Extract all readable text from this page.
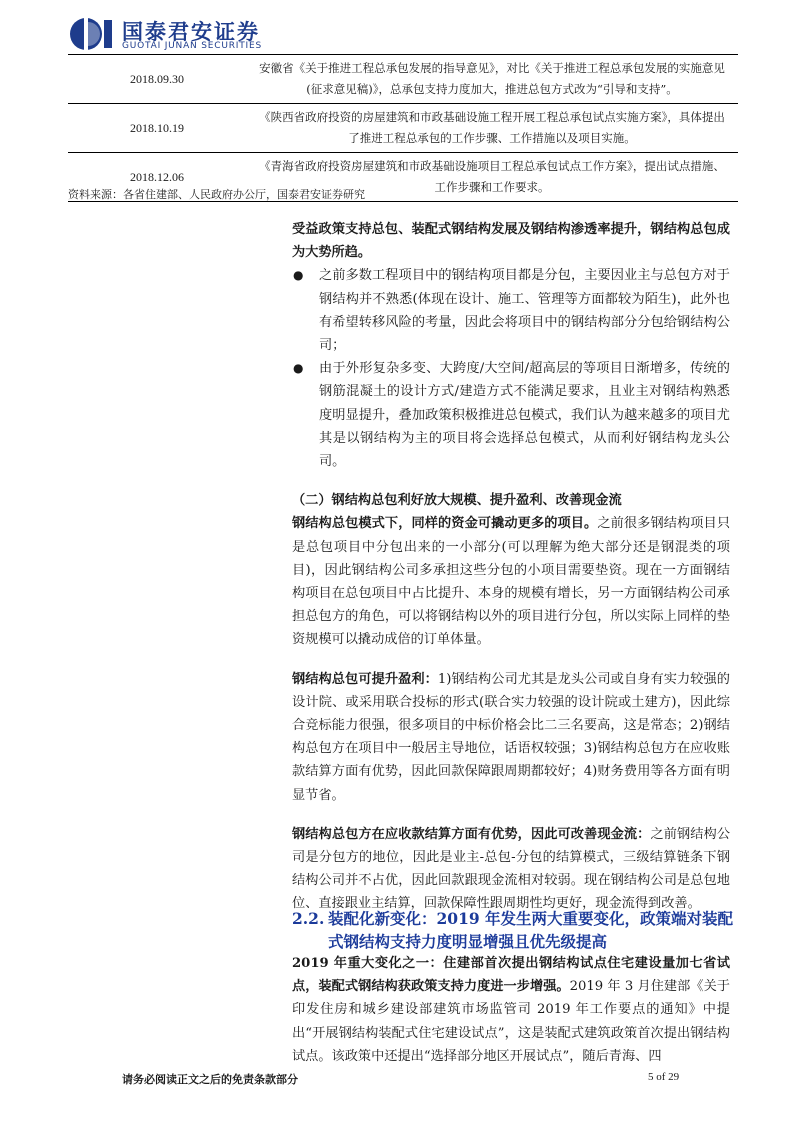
国泰君安证券
GUOTAI JUNAN SECURITIES
2018.09.30	安徽省《关于推进工程总承包发展的指导意见》，对比《关于推进工程总承包发展的实施意见
(征求意见稿)》，总承包支持力度加大，推进总包方式改为“引导和支持”。

2018.10.19	《陕西省政府投资的房屋建筑和市政基础设施工程开展工程总承包试点实施方案》，具体提出
了推进工程总承包的工作步骤、工作措施以及项目实施。

2018.12.06	《青海省政府投资房屋建筑和市政基础设施项目工程总承包试点工作方案》，提出试点措施、
工作步骤和工作要求。
资料来源：各省住建部、人民政府办公厅，国泰君安证券研究

受益政策支持总包、装配式钢结构发展及钢结构渗透率提升，钢结构总包成为大势所趋。

● 之前多数工程项目中的钢结构项目都是分包，主要因业主与总包方对于钢结构并不熟悉(体现在设计、施工、管理等方面都较为陌生)，此外也有希望转移风险的考量，因此会将项目中的钢结构部分分包给钢结构公司；

● 由于外形复杂多变、大跨度/大空间/超高层的等项目日渐增多，传统的钢筋混凝土的设计方式/建造方式不能满足要求，且业主对钢结构熟悉度明显提升，叠加政策积极推进总包模式，我们认为越来越多的项目尤其是以钢结构为主的项目将会选择总包模式，从而利好钢结构龙头公司。

（二）钢结构总包利好放大规模、提升盈利、改善现金流

钢结构总包模式下，同样的资金可撬动更多的项目。之前很多钢结构项目只是总包项目中分包出来的一小部分(可以理解为绝大部分还是钢混类的项目)，因此钢结构公司多承担这些分包的小项目需要垫资。现在一方面钢结构项目在总包项目中占比提升、本身的规模有增长，另一方面钢结构公司承担总包方的角色，可以将钢结构以外的项目进行分包，所以实际上同样的垫资规模可以撬动成倍的订单体量。

钢结构总包可提升盈利：1)钢结构公司尤其是龙头公司或自身有实力较强的设计院、或采用联合投标的形式(联合实力较强的设计院或土建方)，因此综合竞标能力很强，很多项目的中标价格会比二三名要高，这是常态；2)钢结构总包方在项目中一般居主导地位，话语权较强；3)钢结构总包方在应收账款结算方面有优势，因此回款保障跟周期都较好；4)财务费用等各方面有明显节省。

钢结构总包方在应收款结算方面有优势，因此可改善现金流：之前钢结构公司是分包方的地位，因此是业主-总包-分包的结算模式，三级结算链条下钢结构公司并不占优，因此回款跟现金流相对较弱。现在钢结构公司是总包地位、直接跟业主结算，回款保障性跟周期性均更好，现金流得到改善。

2.2. 装配化新变化：2019 年发生两大重要变化，政策端对装配
式钢结构支持力度明显增强且优先级提高
2019 年重大变化之一：住建部首次提出钢结构试点住宅建设量加七省试点，装配式钢结构获政策支持力度进一步增强。2019 年 3 月住建部《关于印发住房和城乡建设部建筑市场监管司 2019 年工作要点的通知》中提出“开展钢结构装配式住宅建设试点”，这是装配式建筑政策首次提出钢结构试点。该政策中还提出“选择部分地区开展试点”，随后青海、四
请务必阅读正文之后的免责条款部分	5 of 29
